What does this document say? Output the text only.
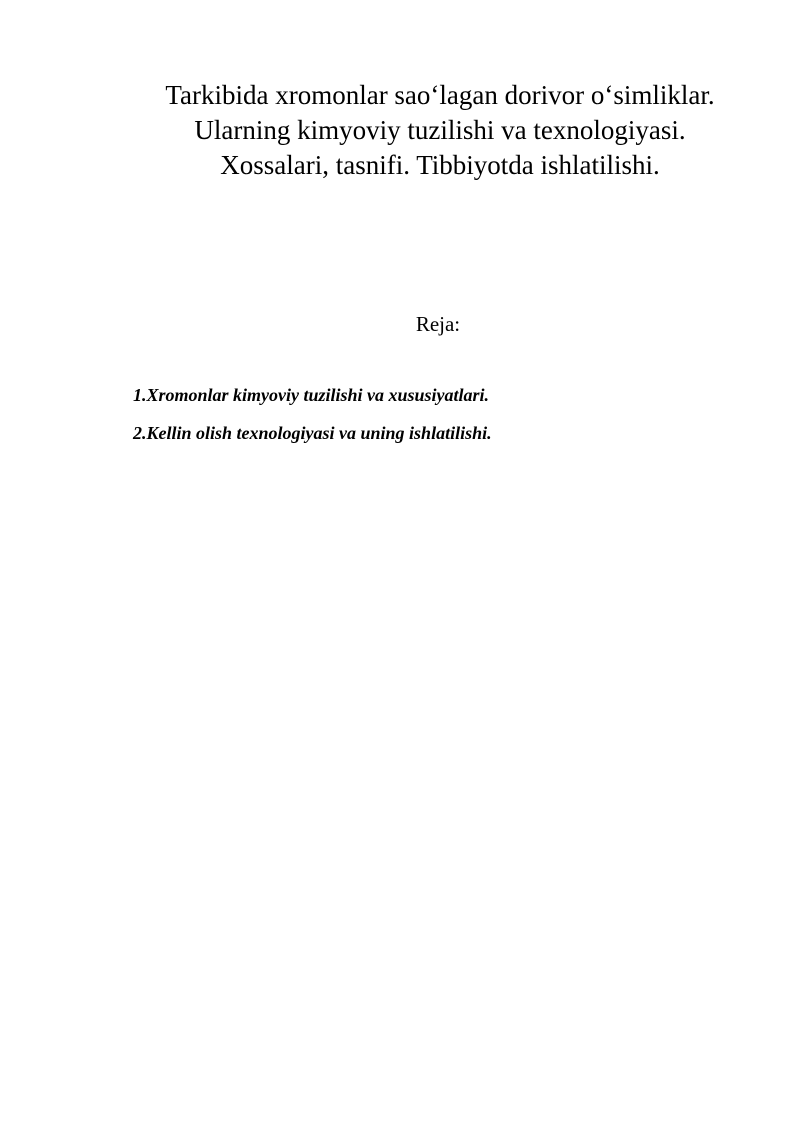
Tarkibida xromonlar sao‘lagan dorivor o‘simliklar.
Ularning kimyoviy tuzilishi va texnologiyasi.
Xossalari, tasnifi. Tibbiyotda ishlatilishi.
Reja:
1.Xromonlar kimyoviy tuzilishi va xususiyatlari.
2.Kellin olish texnologiyasi va uning ishlatilishi.
